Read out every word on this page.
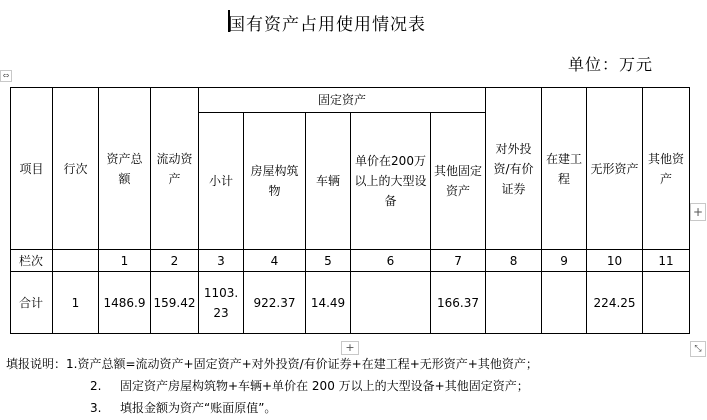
国有资产占用使用情况表
单位：万元
⇔
项目	行次	资产总额	流动资产	固定资产					对外投资/有价证券	在建工程	无形资产	其他资产
				小计	房屋构筑物	车辆	单价在200万以上的大型设备	其他固定资产				
栏次		1	2	3	4	5	6	7	8	9	10	11
合计	1	1486.9	159.42	1103.23	922.37	14.49		166.37			224.25	
+
+	⤡
填报说明：1.资产总额=流动资产+固定资产+对外投资/有价证券+在建工程+无形资产+其他资产；
2. 固定资产房屋构筑物+车辆+单价在 200 万以上的大型设备+其他固定资产；
3. 填报金额为资产“账面原值”。
